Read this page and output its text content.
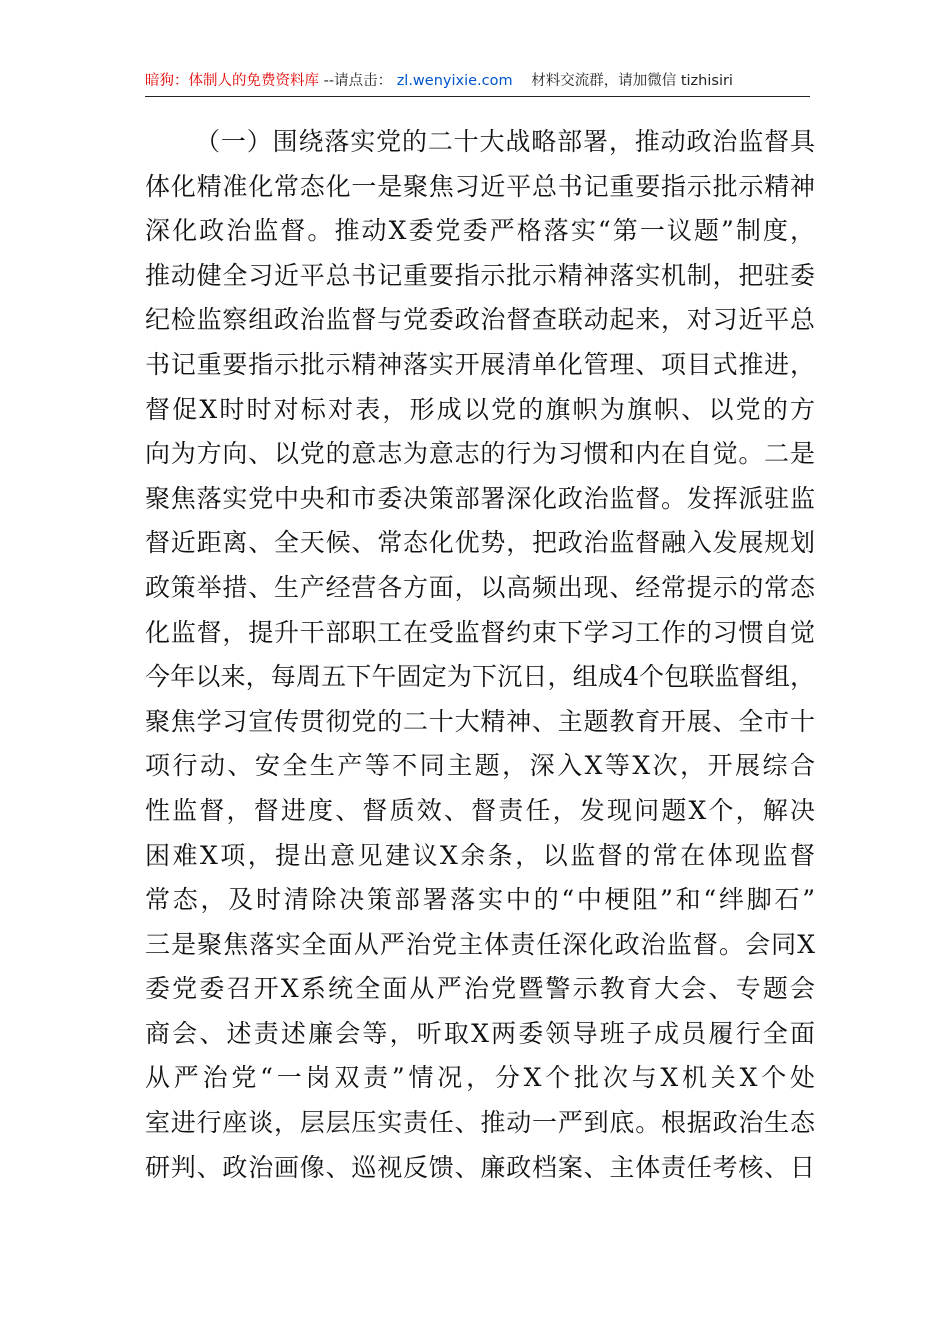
暗狗：体制人的免费资料库 --请点击： zl.wenyixie.com 材料交流群，请加微信 tizhisiri
（一）围绕落实党的二十大战略部署，推动政治监督具
体化精准化常态化一是聚焦习近平总书记重要指示批示精神
深化政治监督。推动X委党委严格落实“第一议题”制度，
推动健全习近平总书记重要指示批示精神落实机制，把驻委
纪检监察组政治监督与党委政治督查联动起来，对习近平总
书记重要指示批示精神落实开展清单化管理、项目式推进，
督促X时时对标对表，形成以党的旗帜为旗帜、以党的方
向为方向、以党的意志为意志的行为习惯和内在自觉。二是
聚焦落实党中央和市委决策部署深化政治监督。发挥派驻监
督近距离、全天候、常态化优势，把政治监督融入发展规划
政策举措、生产经营各方面，以高频出现、经常提示的常态
化监督，提升干部职工在受监督约束下学习工作的习惯自觉
今年以来，每周五下午固定为下沉日，组成4个包联监督组，
聚焦学习宣传贯彻党的二十大精神、主题教育开展、全市十
项行动、安全生产等不同主题，深入X等X次，开展综合
性监督，督进度、督质效、督责任，发现问题X个，解决
困难X项，提出意见建议X余条，以监督的常在体现监督
常态，及时清除决策部署落实中的“中梗阻”和“绊脚石”
三是聚焦落实全面从严治党主体责任深化政治监督。会同X
委党委召开X系统全面从严治党暨警示教育大会、专题会
商会、述责述廉会等，听取X两委领导班子成员履行全面
从严治党“一岗双责”情况，分X个批次与X机关X个处
室进行座谈，层层压实责任、推动一严到底。根据政治生态
研判、政治画像、巡视反馈、廉政档案、主体责任考核、日
